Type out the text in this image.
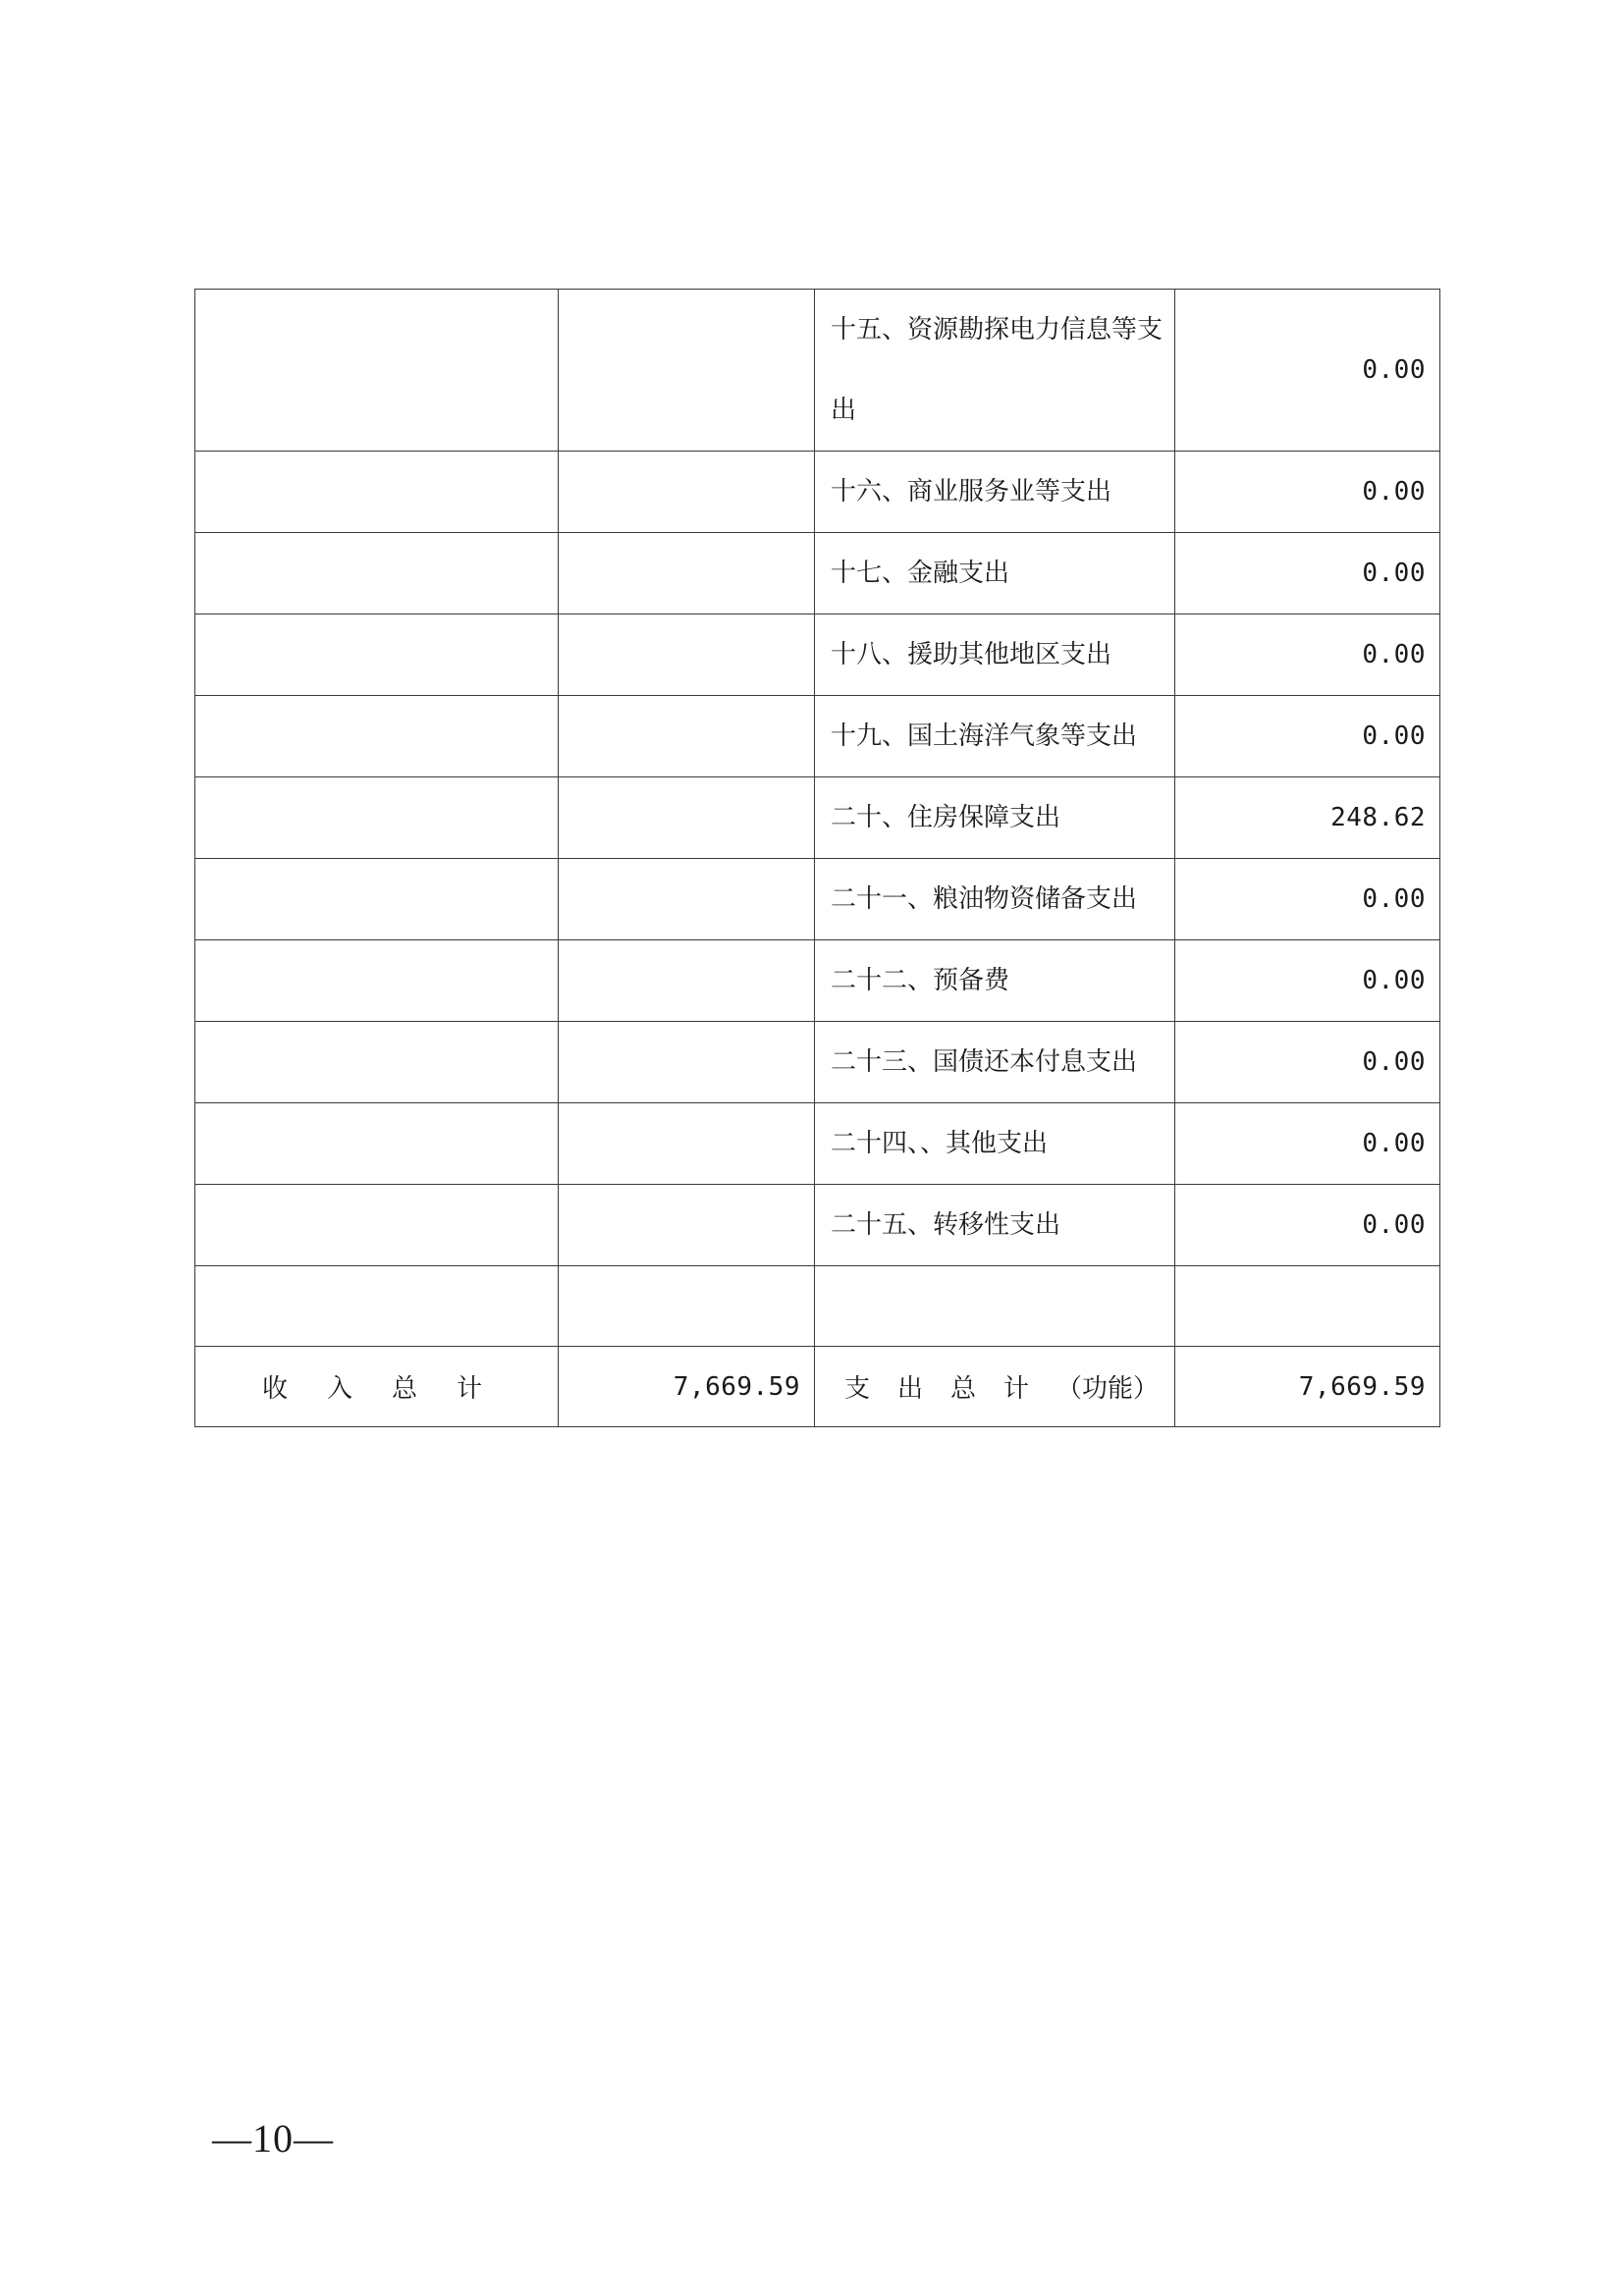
		十五、资源勘探电力信息等支出	0.00
		十六、商业服务业等支出	0.00
		十七、金融支出	0.00
		十八、援助其他地区支出	0.00
		十九、国土海洋气象等支出	0.00
		二十、住房保障支出	248.62
		二十一、粮油物资储备支出	0.00
		二十二、预备费	0.00
		二十三、国债还本付息支出	0.00
		二十四、、其他支出	0.00
		二十五、转移性支出	0.00

收入总计	7,669.59	支出总计（功能）	7,669.59
—10—
